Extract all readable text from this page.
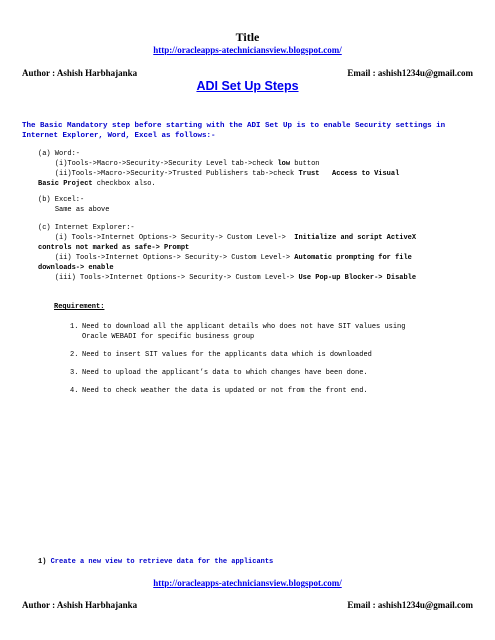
Title
http://oracleapps-atechniciansview.blogspot.com/
Author : Ashish Harbhajanka	Email : ashish1234u@gmail.com
ADI Set Up Steps
The Basic Mandatory step before starting with the ADI Set Up is to enable Security settings in
Internet Explorer, Word, Excel as follows:-
(a) Word:-
(i)Tools->Macro->Security->Security Level tab->check low button
(ii)Tools->Macro->Security->Trusted Publishers tab->check Trust   Access to Visual
Basic Project checkbox also.
(b) Excel:-
Same as above
(c) Internet Explorer:-
(i) Tools->Internet Options-> Security-> Custom Level->  Initialize and script ActiveX
controls not marked as safe-> Prompt
(ii) Tools->Internet Options-> Security-> Custom Level-> Automatic prompting for file
downloads-> enable
(iii) Tools->Internet Options-> Security-> Custom Level-> Use Pop-up Blocker-> Disable
Requirement:
1. Need to download all the applicant details who does not have SIT values using
Oracle WEBADI for specific business group
2. Need to insert SIT values for the applicants data which is downloaded
3. Need to upload the applicant’s data to which changes have been done.
4. Need to check weather the data is updated or not from the front end.
1) Create a new view to retrieve data for the applicants
http://oracleapps-atechniciansview.blogspot.com/
Author : Ashish Harbhajanka	Email : ashish1234u@gmail.com
